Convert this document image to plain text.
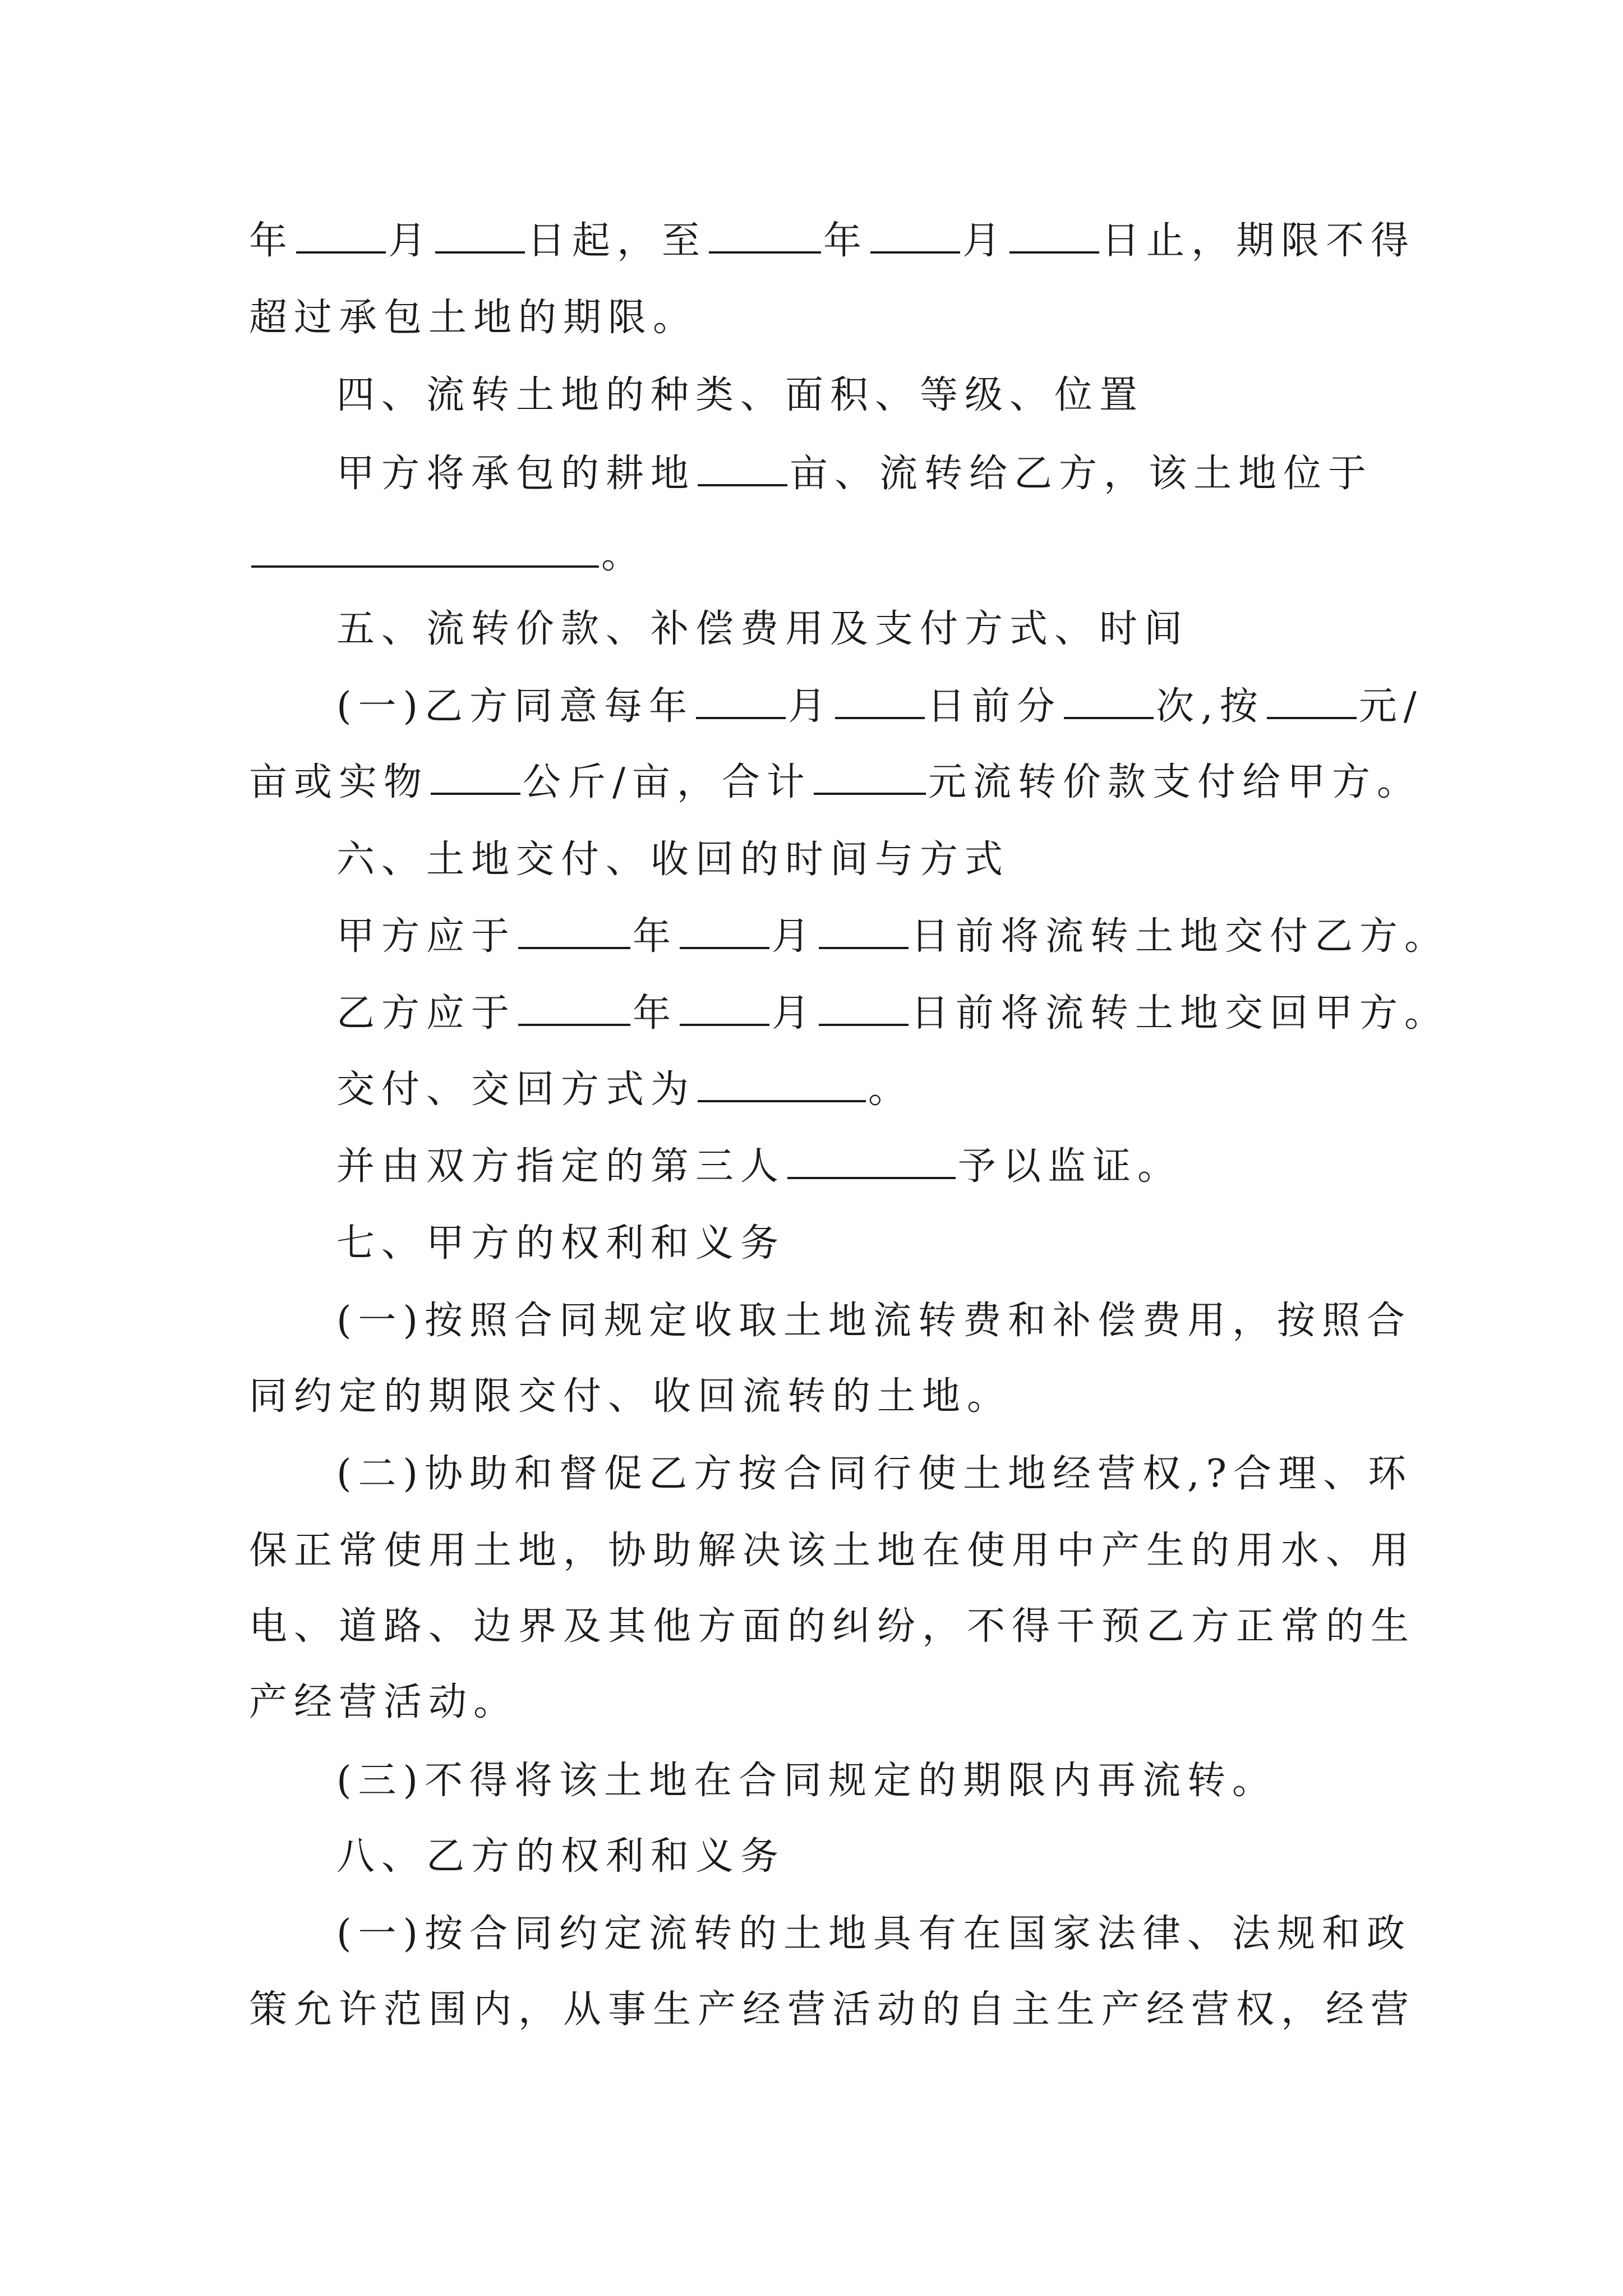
年 月 日起，至	年 月 日止，期限不得
超过承包土地的期限。
四、流转土地的种类、面积、等级、位置
甲方将承包的耕地 亩、流转给乙方，该土地位于
。
五、流转价款、补偿费用及支付方式、时间
(一)乙方同意每年 月 日前分 次,按 元/
亩或实物 公斤/亩，合计	元流转价款支付给甲方。
六、土地交付、收回的时间与方式
甲方应于	年 月 日前将流转土地交付乙方。
乙方应于	年 月 日前将流转土地交回甲方。
交付、交回方式为	。
并由双方指定的第三人	予以监证。
七、甲方的权利和义务
(一)按照合同规定收取土地流转费和补偿费用，按照合
同约定的期限交付、收回流转的土地。
(二)协助和督促乙方按合同行使土地经营权,?合理、环
保正常使用土地，协助解决该土地在使用中产生的用水、用
电、道路、边界及其他方面的纠纷，不得干预乙方正常的生
产经营活动。
(三)不得将该土地在合同规定的期限内再流转。
八、乙方的权利和义务
(一)按合同约定流转的土地具有在国家法律、法规和政
策允许范围内，从事生产经营活动的自主生产经营权，经营
